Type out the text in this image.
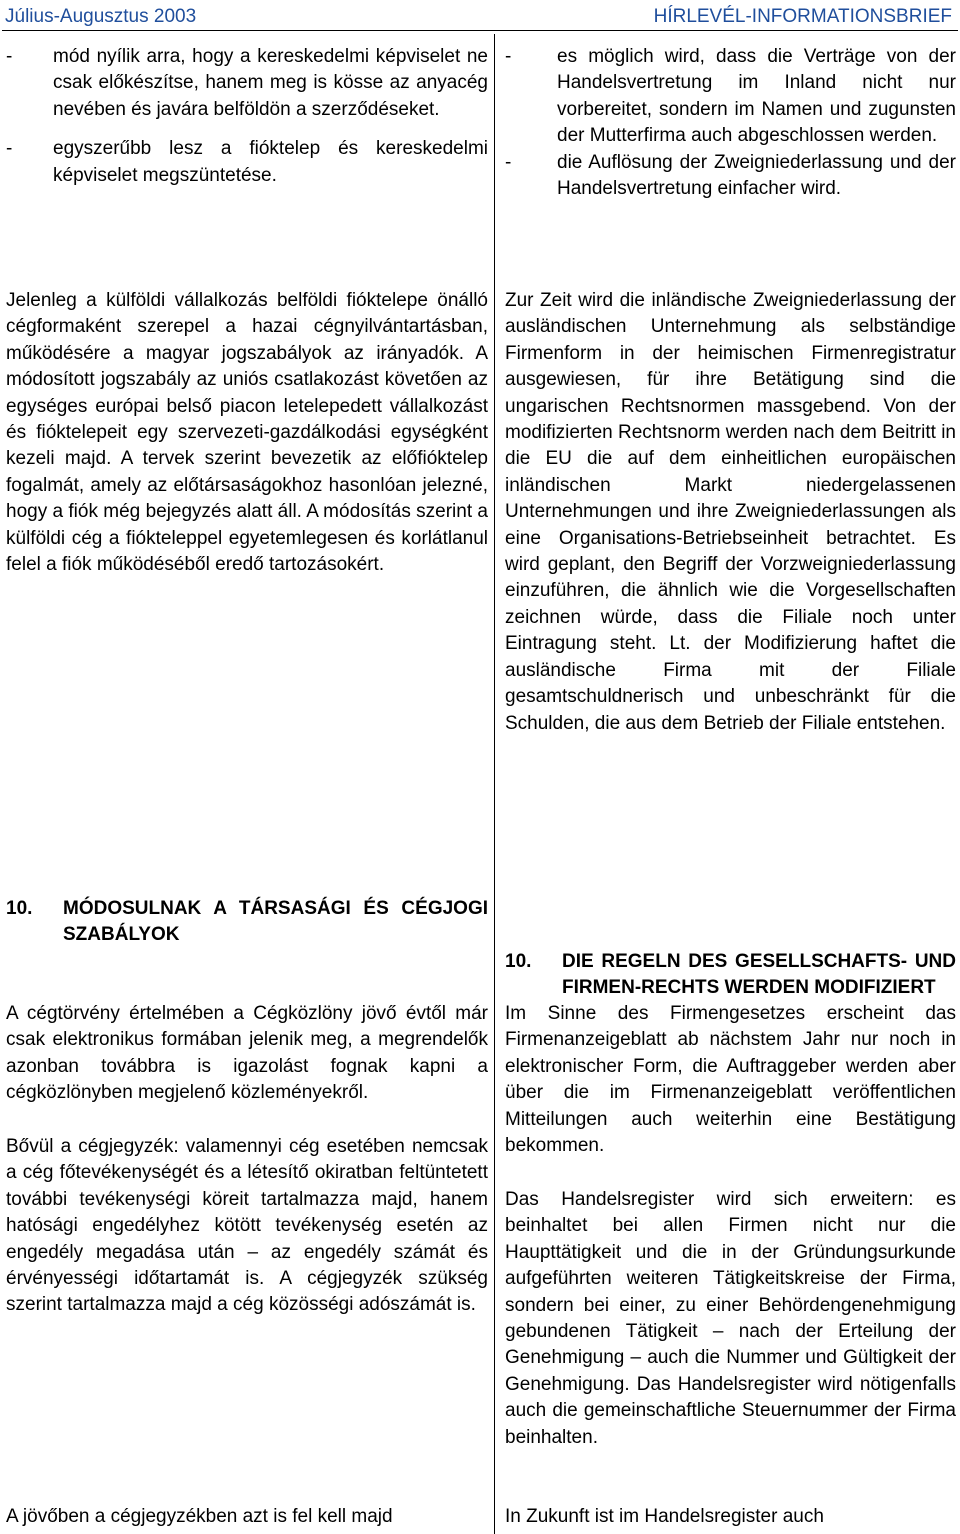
Július-Augusztus 2003	HÍRLEVÉL-INFORMATIONSBRIEF
- mód nyílik arra, hogy a kereskedelmi képviselet ne csak előkészítse, hanem meg is kösse az anyacég nevében és javára belföldön a szerződéseket.
- egyszerűbb lesz a fióktelep és kereskedelmi képviselet megszüntetése.

Jelenleg a külföldi vállalkozás belföldi fióktelepe önálló cégformaként szerepel a hazai cégnyilvántartásban, működésére a magyar jogszabályok az irányadók. A módosított jogszabály az uniós csatlakozást követően az egységes európai belső piacon letelepedett vállalkozást és fióktelepeit egy szervezeti-gazdálkodási egységként kezeli majd. A tervek szerint bevezetik az előfióktelep fogalmát, amely az előtársaságokhoz hasonlóan jelezné, hogy a fiók még bejegyzés alatt áll. A módosítás szerint a külföldi cég a fiókteleppel egyetemlegesen és korlátlanul felel a fiók működéséből eredő tartozásokért.

10.	MÓDOSULNAK A TÁRSASÁGI ÉS CÉGJOGI SZABÁLYOK

A cégtörvény értelmében a Cégközlöny jövő évtől már csak elektronikus formában jelenik meg, a megrendelők azonban továbbra is igazolást fognak kapni a cégközlönyben megjelenő közleményekről.

Bővül a cégjegyzék: valamennyi cég esetében nemcsak a cég főtevékenységét és a létesítő okiratban feltüntetett további tevékenységi köreit tartalmazza majd, hanem hatósági engedélyhez kötött tevékenység esetén az engedély megadása után – az engedély számát és érvényességi időtartamát is. A cégjegyzék szükség szerint tartalmazza majd a cég közösségi adószámát is.

A jövőben a cégjegyzékben azt is fel kell majd

- es möglich wird, dass die Verträge von der Handelsvertretung im Inland nicht nur vorbereitet, sondern im Namen und zugunsten der Mutterfirma auch abgeschlossen werden.
- die Auflösung der Zweigniederlassung und der Handelsvertretung einfacher wird.

Zur Zeit wird die inländische Zweigniederlassung der ausländischen Unternehmung als selbständige Firmenform in der heimischen Firmenregistratur ausgewiesen, für ihre Betätigung sind die ungarischen Rechtsnormen massgebend. Von der modifizierten Rechtsnorm werden nach dem Beitritt in die EU die auf dem einheitlichen europäischen inländischen Markt niedergelassenen Unternehmungen und ihre Zweigniederlassungen als eine Organisations-Betriebseinheit betrachtet. Es wird geplant, den Begriff der Vorzweigniederlassung einzuführen, die ähnlich wie die Vorgesellschaften zeichnen würde, dass die Filiale noch unter Eintragung steht. Lt. der Modifizierung haftet die ausländische Firma mit der Filiale gesamtschuldnerisch und unbeschränkt für die Schulden, die aus dem Betrieb der Filiale entstehen.

10.	DIE REGELN DES GESELLSCHAFTS- UND FIRMEN-RECHTS WERDEN MODIFIZIERT

Im Sinne des Firmengesetzes erscheint das Firmenanzeigeblatt ab nächstem Jahr nur noch in elektronischer Form, die Auftraggeber werden aber über die im Firmenanzeigeblatt veröffentlichen Mitteilungen auch weiterhin eine Bestätigung bekommen.

Das Handelsregister wird sich erweitern: es beinhaltet bei allen Firmen nicht nur die Haupttätigkeit und die in der Gründungsurkunde aufgeführten weiteren Tätigkeitskreise der Firma, sondern bei einer, zu einer Behördengenehmigung gebundenen Tätigkeit – nach der Erteilung der Genehmigung – auch die Nummer und Gültigkeit der Genehmigung. Das Handelsregister wird nötigenfalls auch die gemeinschaftliche Steuernummer der Firma beinhalten.

In Zukunft ist im Handelsregister auch
